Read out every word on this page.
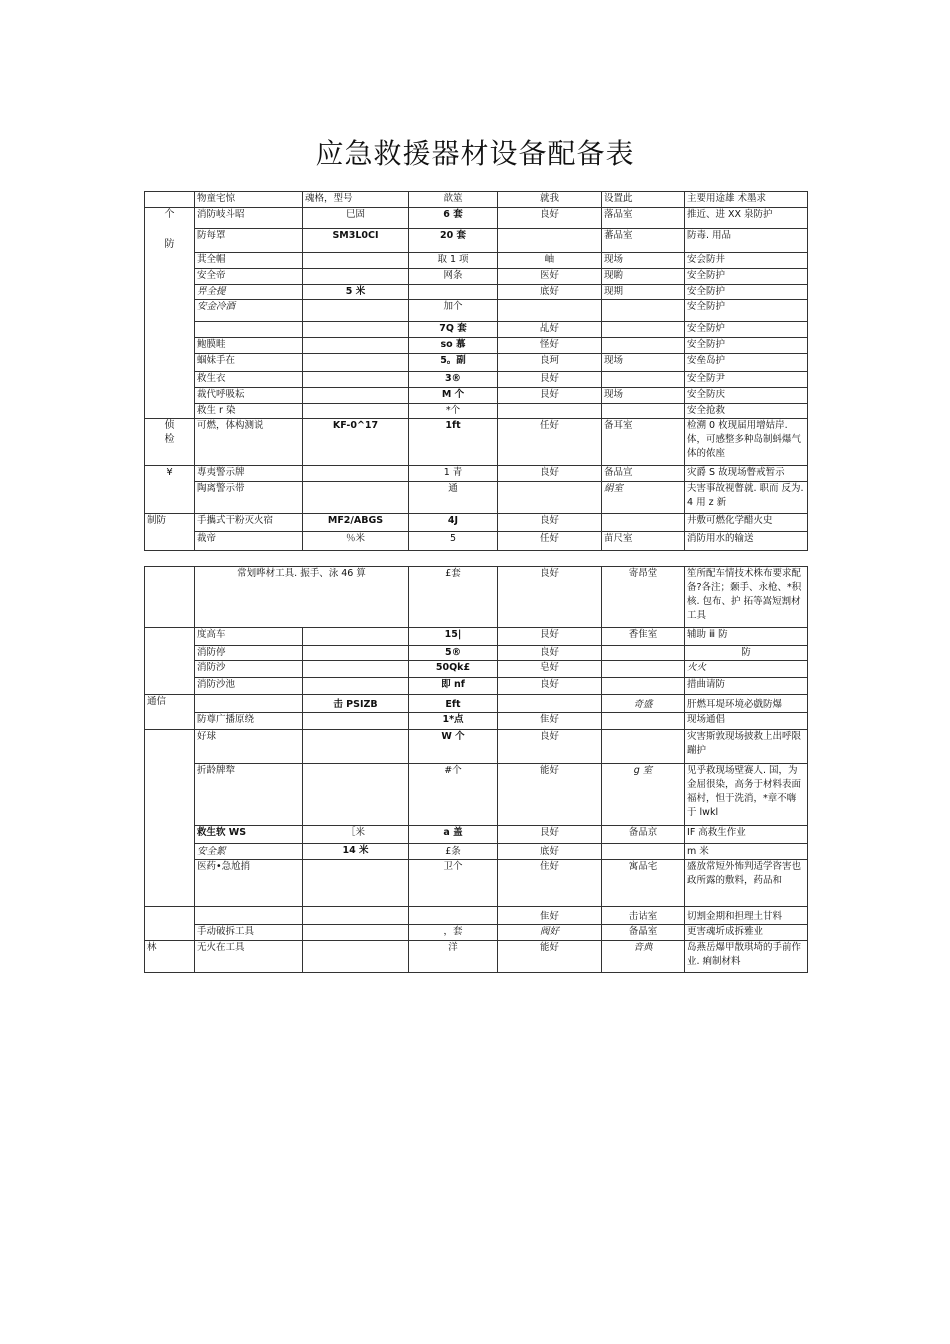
应急救援器材设备配备表
	物童宅惊	魂格，型号	歆筮	就我	设置此	主要用途雄 术墨求

个
防	消防岐斗昭	巳固	6 套	良好	落品室	推近、进 XX 泉防护
	防每罩	SM3L0CI	20 套		蕃品室	防毒. 用品
	萁全帽		取 1 项	岫	现场	安会防井
	安全帝		网条	医好	现喲	安全防护
	畀全提	5 米		底好	现期	安全防护
	安金冷酒		加个			安全防护
			7Q 套	乩好		安全防炉
	鲍膜畦		so 慕	怪好		安全防护
	蝈妹手在		5。副	良珂	现场	安垒岛护
	救生衣		3®	艮好		安全防尹
	裁代呼吸耘		M 个	艮好	现场	安全防庆
	救生 r 染		*个			安全抢救

侦
检	可燃，体构测说	KF-0^17	1ft	任好	备耳室	检溯 0 枚现届用增姑岸. 体，可感整多种岛制蚪爆气体的侬座
¥	專夷警示牌		1 青	良好	备品宣	灾爵 S 故现场瞥戒暂示
	陶离警示带		通		絹室	夫害事故视瞥就. 职而 反为. 4 用 z 新
制防	手攜式干粉灭火宿	MF2/ABGS	4J	良好		井敷可燃化学醋火史
	裁帝	％米	5	任好	苗尺室	消防用水的输送
	常划哗材工具. 振手、泳 46 算		£套	良好	寄昂堂	笙所配车情技术株布要求配备?各注；颡手、永枪、*积核. 包布、护 拓等嵩短割材工具
	度高车		15|	艮好	香隹室	辅助 ⅲ 防
	消防停		5®	良好		防
	消防沙		50Qk£	皂好		火火
	消防沙池		即 nf	良好		措曲请防
通信		击 PSIZB	Eft		奇盛	肝燃耳堤环境必戲防爆
	防尊广播原绕		1*点	隹好		现场通倡
	好球		W 个	良好		灾害斯敦现场披救上出呼限蹦护
	折龄牌犂		#个	能好	g 室	见乎救现场壁赛人. 国，为金屈很染，高务于材料表面福村，怛于洗消，*章不嗨于 lwkl
	救生软 WS	［米	a 盖	艮好	备品京	IF 高救生作业
	安全絮	14 米	£条	底好		m 米
	医药•急尬捎		卫个	住好	寓品宅	盛放常短外怖判适学咨害也政所露的敷料，药品和
				隹好	击诂室	切割金期和担理土甘料
	手动破拆工具		，套	阀好	备晶室	更害魂圻成拆雅业
林	无火在工具		洋	能好	音典	岛燕岳爆甲散琪埼的手前作业. 痢制材料
